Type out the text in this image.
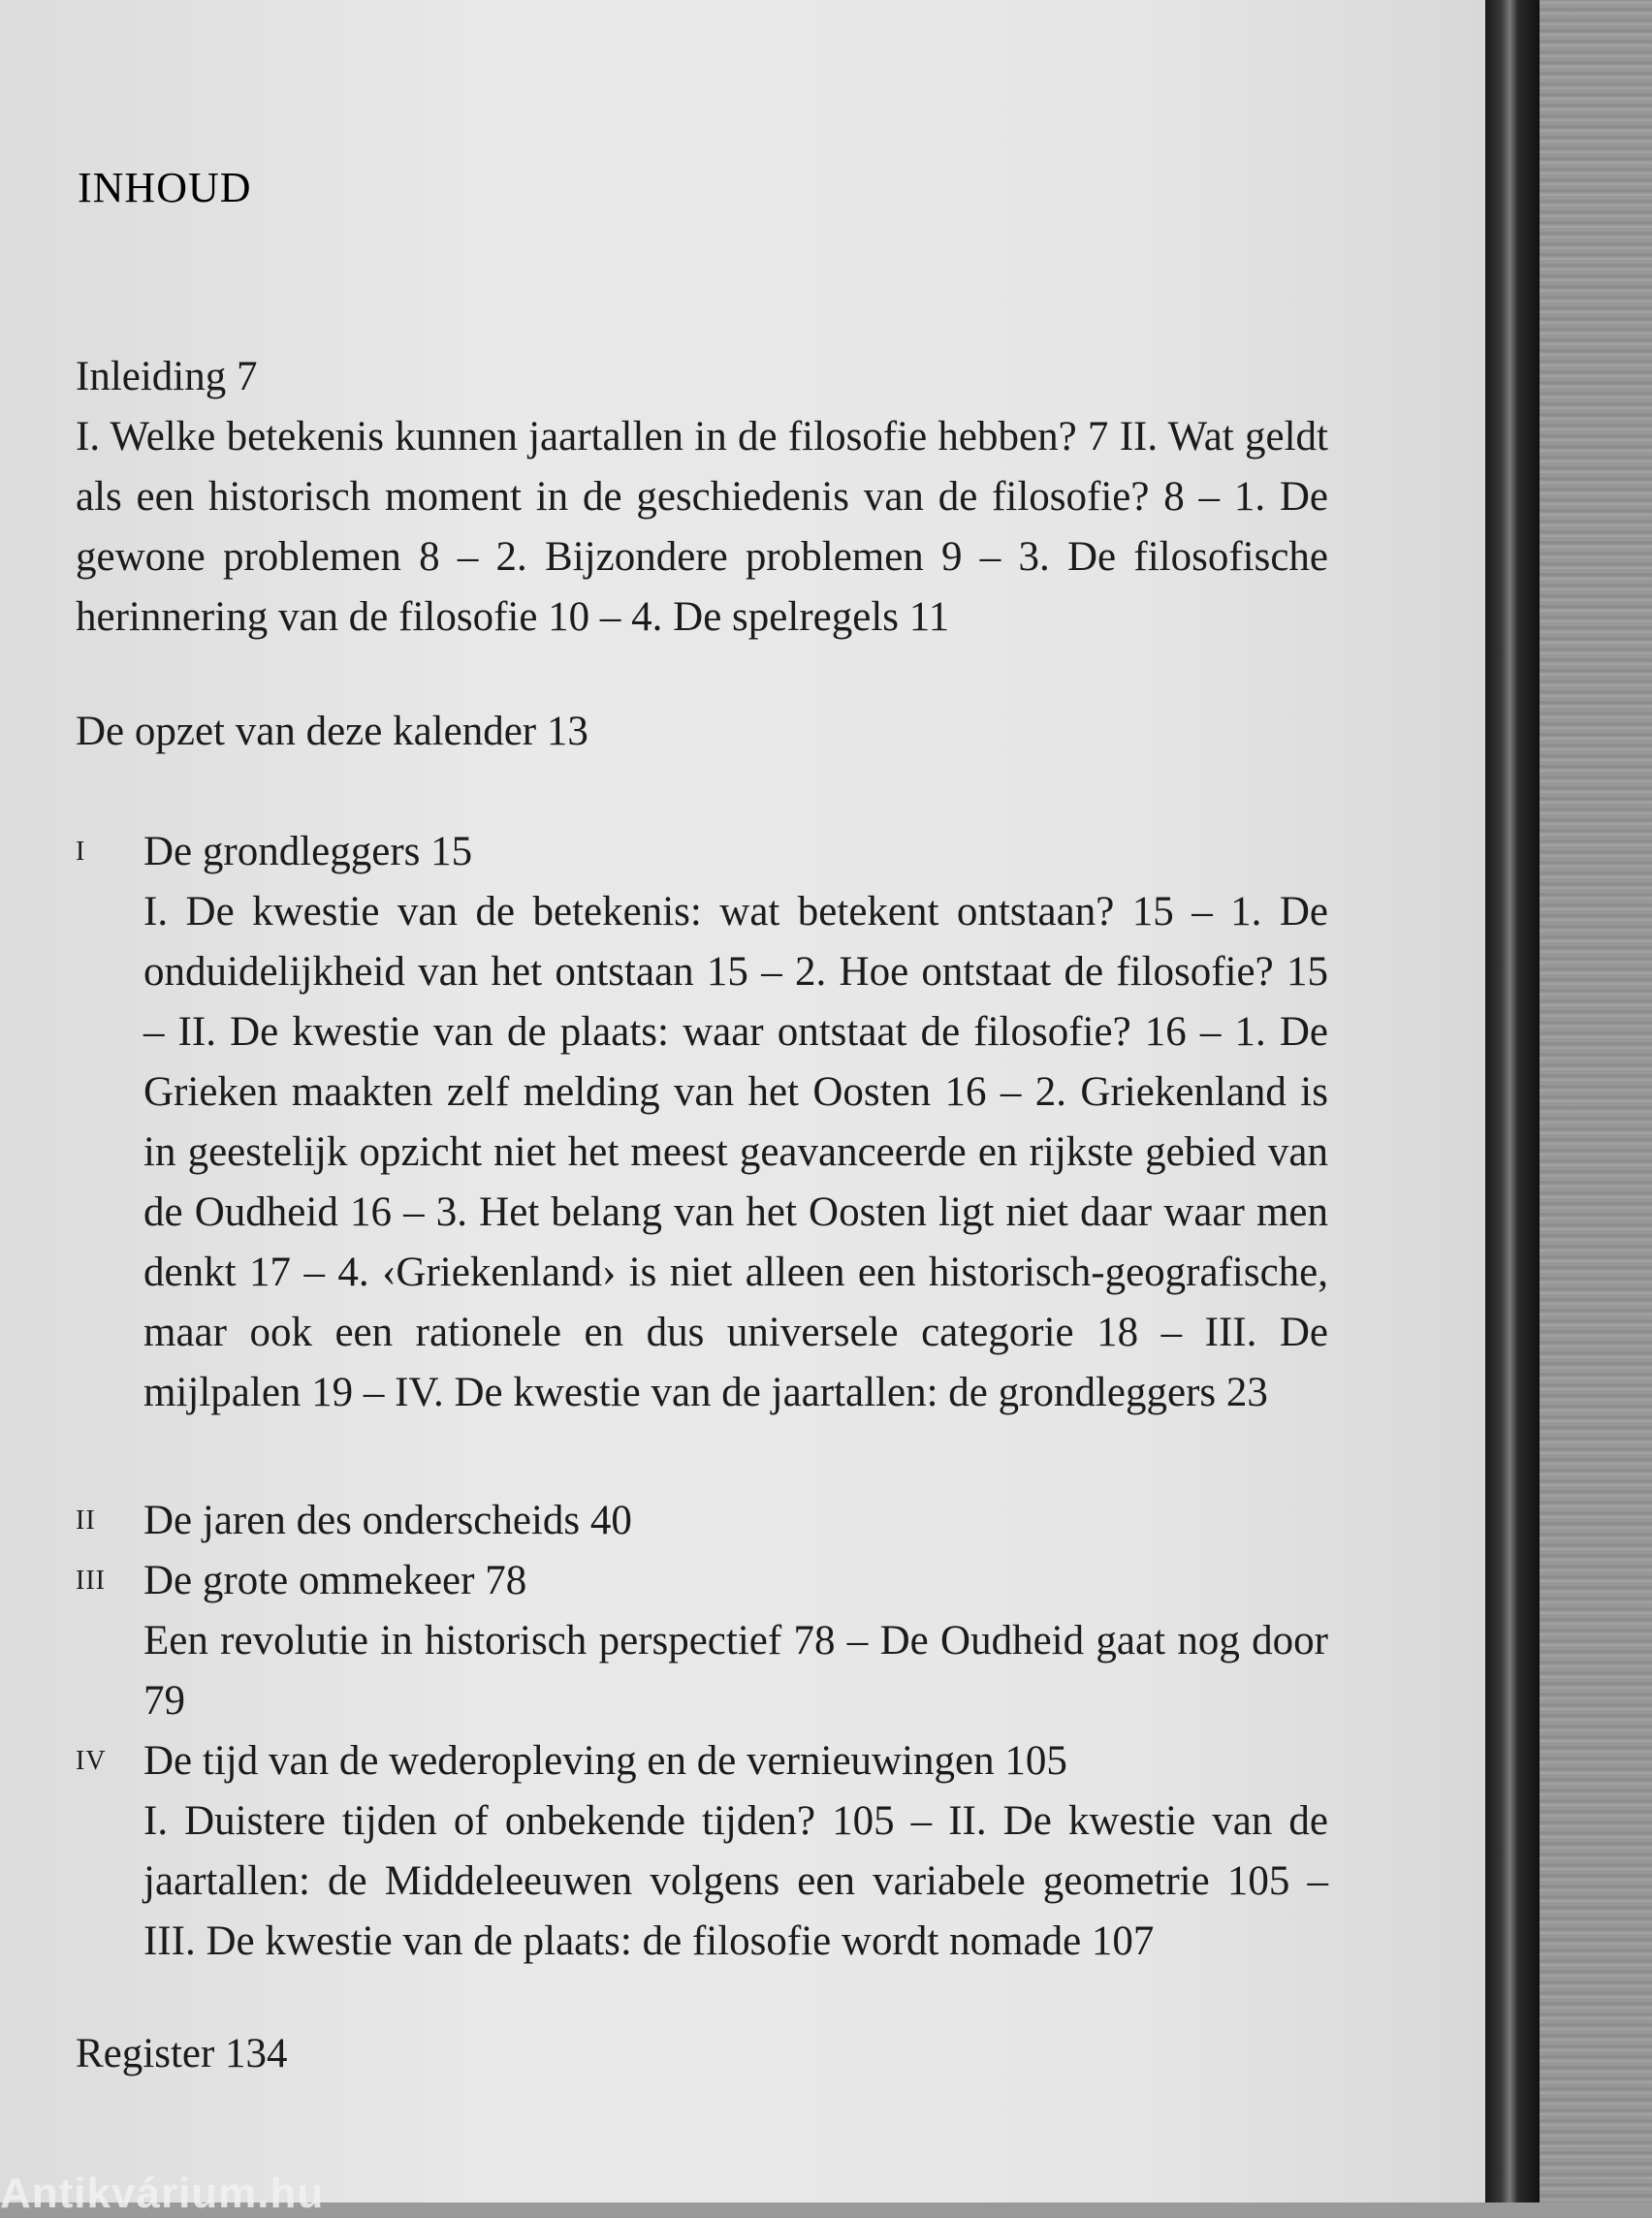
INHOUD
Inleiding 7
I. Welke betekenis kunnen jaartallen in de filosofie hebben? 7 II. Wat geldt als een historisch moment in de geschiedenis van de filosofie? 8 – 1. De gewone problemen 8 – 2. Bijzondere problemen 9 – 3. De filosofische herinnering van de filosofie 10 – 4. De spelregels 11
De opzet van deze kalender 13
I De grondleggers 15
I. De kwestie van de betekenis: wat betekent ontstaan? 15 – 1. De onduidelijkheid van het ontstaan 15 – 2. Hoe ontstaat de filosofie? 15 – II. De kwestie van de plaats: waar ontstaat de filosofie? 16 – 1. De Grieken maakten zelf melding van het Oosten 16 – 2. Griekenland is in geestelijk opzicht niet het meest geavanceerde en rijkste gebied van de Oudheid 16 – 3. Het belang van het Oosten ligt niet daar waar men denkt 17 – 4. ‹Griekenland› is niet alleen een historisch-geografische, maar ook een rationele en dus universele categorie 18 – III. De mijlpalen 19 – IV. De kwestie van de jaartallen: de grondleggers 23
II De jaren des onderscheids 40
III De grote ommekeer 78
Een revolutie in historisch perspectief 78 – De Oudheid gaat nog door 79
IV De tijd van de wederopleving en de vernieuwingen 105
I. Duistere tijden of onbekende tijden? 105 – II. De kwestie van de jaartallen: de Middeleeuwen volgens een variabele geometrie 105 – III. De kwestie van de plaats: de filosofie wordt nomade 107
Register 134
Antikvárium.hu
